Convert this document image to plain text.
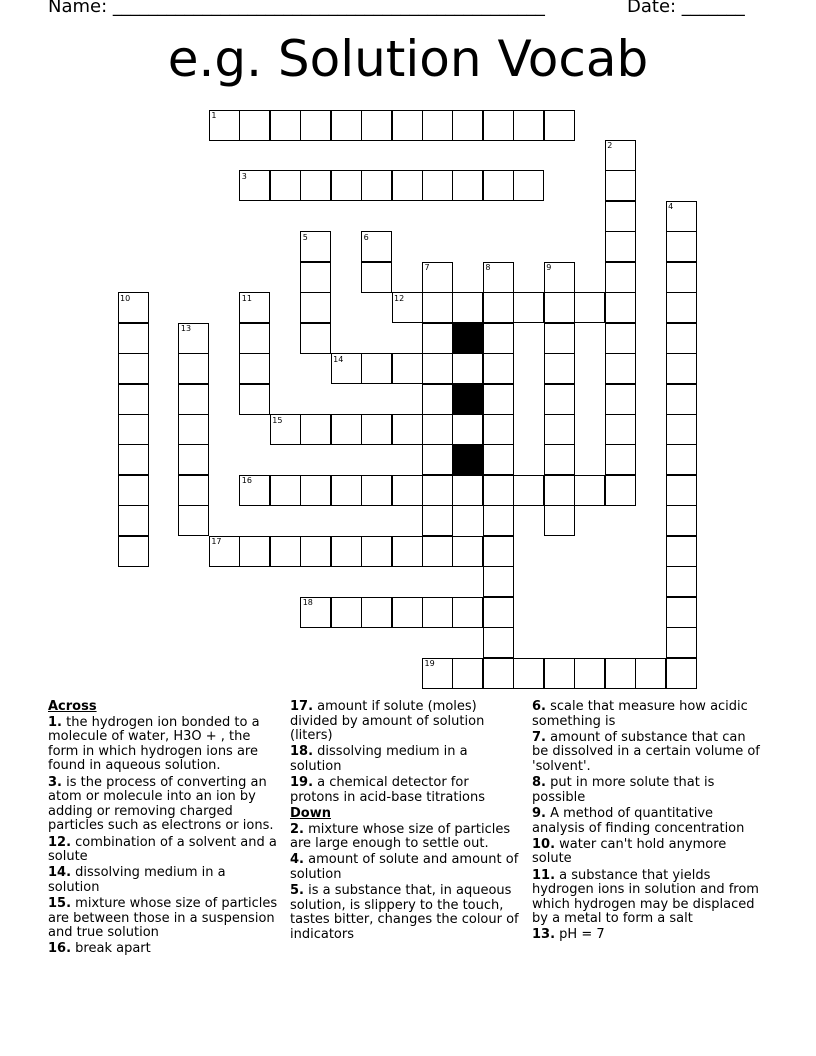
Name: ________________________________________________	Date: _______
e.g. Solution Vocab
1
3
12
14
15
16
17
18
19
2
4
5	6
7	8	9
10	11
13
Across
1. the hydrogen ion bonded to a molecule of water, H3O + , the form in which hydrogen ions are found in aqueous solution.
3. is the process of converting an atom or molecule into an ion by adding or removing charged particles such as electrons or ions.
12. combination of a solvent and a solute
14. dissolving medium in a solution
15. mixture whose size of particles are between those in a suspension and true solution
16. break apart
17. amount if solute (moles) divided by amount of solution (liters)
18. dissolving medium in a solution
19. a chemical detector for protons in acid-base titrations
Down
2. mixture whose size of particles are large enough to settle out.
4. amount of solute and amount of solution
5. is a substance that, in aqueous solution, is slippery to the touch, tastes bitter, changes the colour of indicators
6. scale that measure how acidic something is
7. amount of substance that can be dissolved in a certain volume of 'solvent'.
8. put in more solute that is possible
9. A method of quantitative analysis of finding concentration
10. water can't hold anymore solute
11. a substance that yields hydrogen ions in solution and from which hydrogen may be displaced by a metal to form a salt
13. pH = 7
